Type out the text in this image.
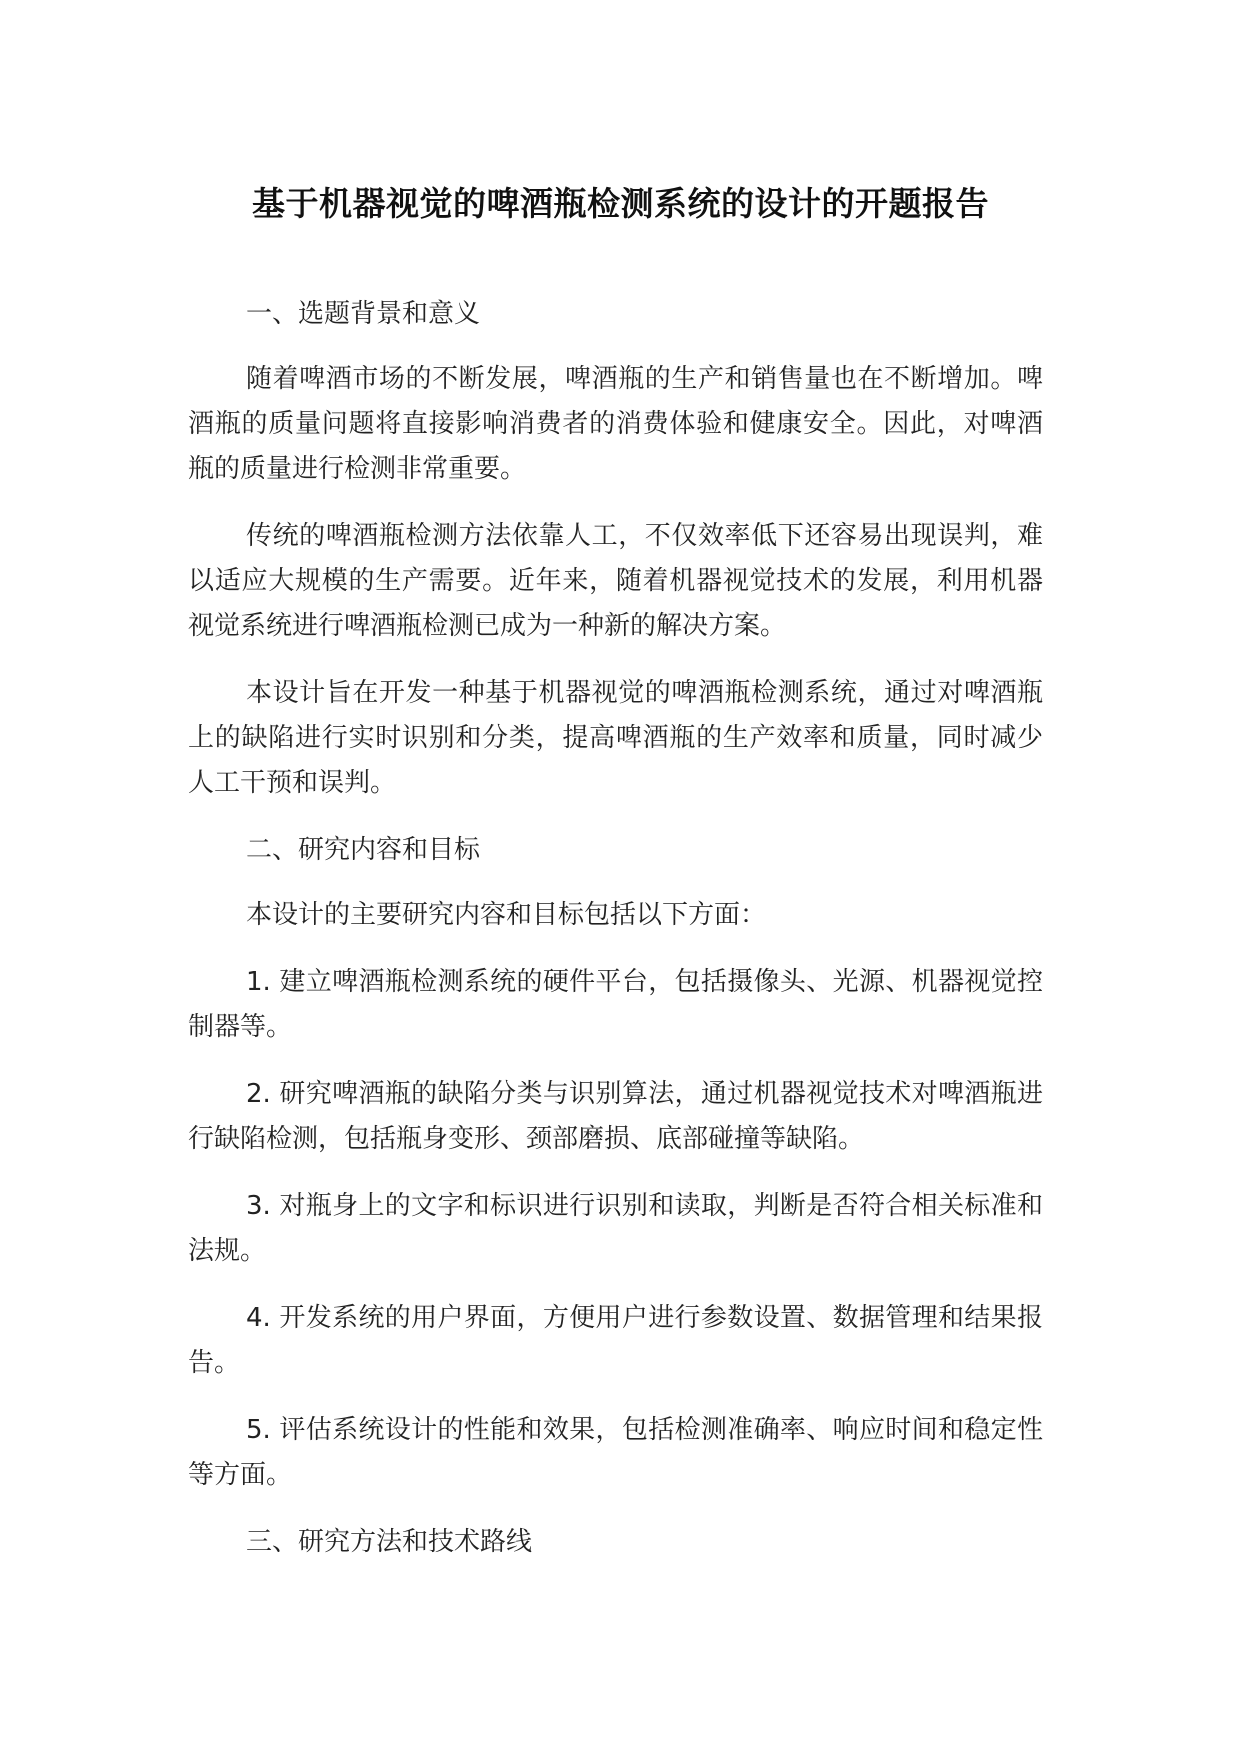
基于机器视觉的啤酒瓶检测系统的设计的开题报告

一、选题背景和意义

随着啤酒市场的不断发展，啤酒瓶的生产和销售量也在不断增加。啤酒瓶的质量问题将直接影响消费者的消费体验和健康安全。因此，对啤酒瓶的质量进行检测非常重要。

传统的啤酒瓶检测方法依靠人工，不仅效率低下还容易出现误判，难以适应大规模的生产需要。近年来，随着机器视觉技术的发展，利用机器视觉系统进行啤酒瓶检测已成为一种新的解决方案。

本设计旨在开发一种基于机器视觉的啤酒瓶检测系统，通过对啤酒瓶上的缺陷进行实时识别和分类，提高啤酒瓶的生产效率和质量，同时减少人工干预和误判。

二、研究内容和目标

本设计的主要研究内容和目标包括以下方面：

1. 建立啤酒瓶检测系统的硬件平台，包括摄像头、光源、机器视觉控制器等。

2. 研究啤酒瓶的缺陷分类与识别算法，通过机器视觉技术对啤酒瓶进行缺陷检测，包括瓶身变形、颈部磨损、底部碰撞等缺陷。

3. 对瓶身上的文字和标识进行识别和读取，判断是否符合相关标准和法规。

4. 开发系统的用户界面，方便用户进行参数设置、数据管理和结果报告。

5. 评估系统设计的性能和效果，包括检测准确率、响应时间和稳定性等方面。

三、研究方法和技术路线
